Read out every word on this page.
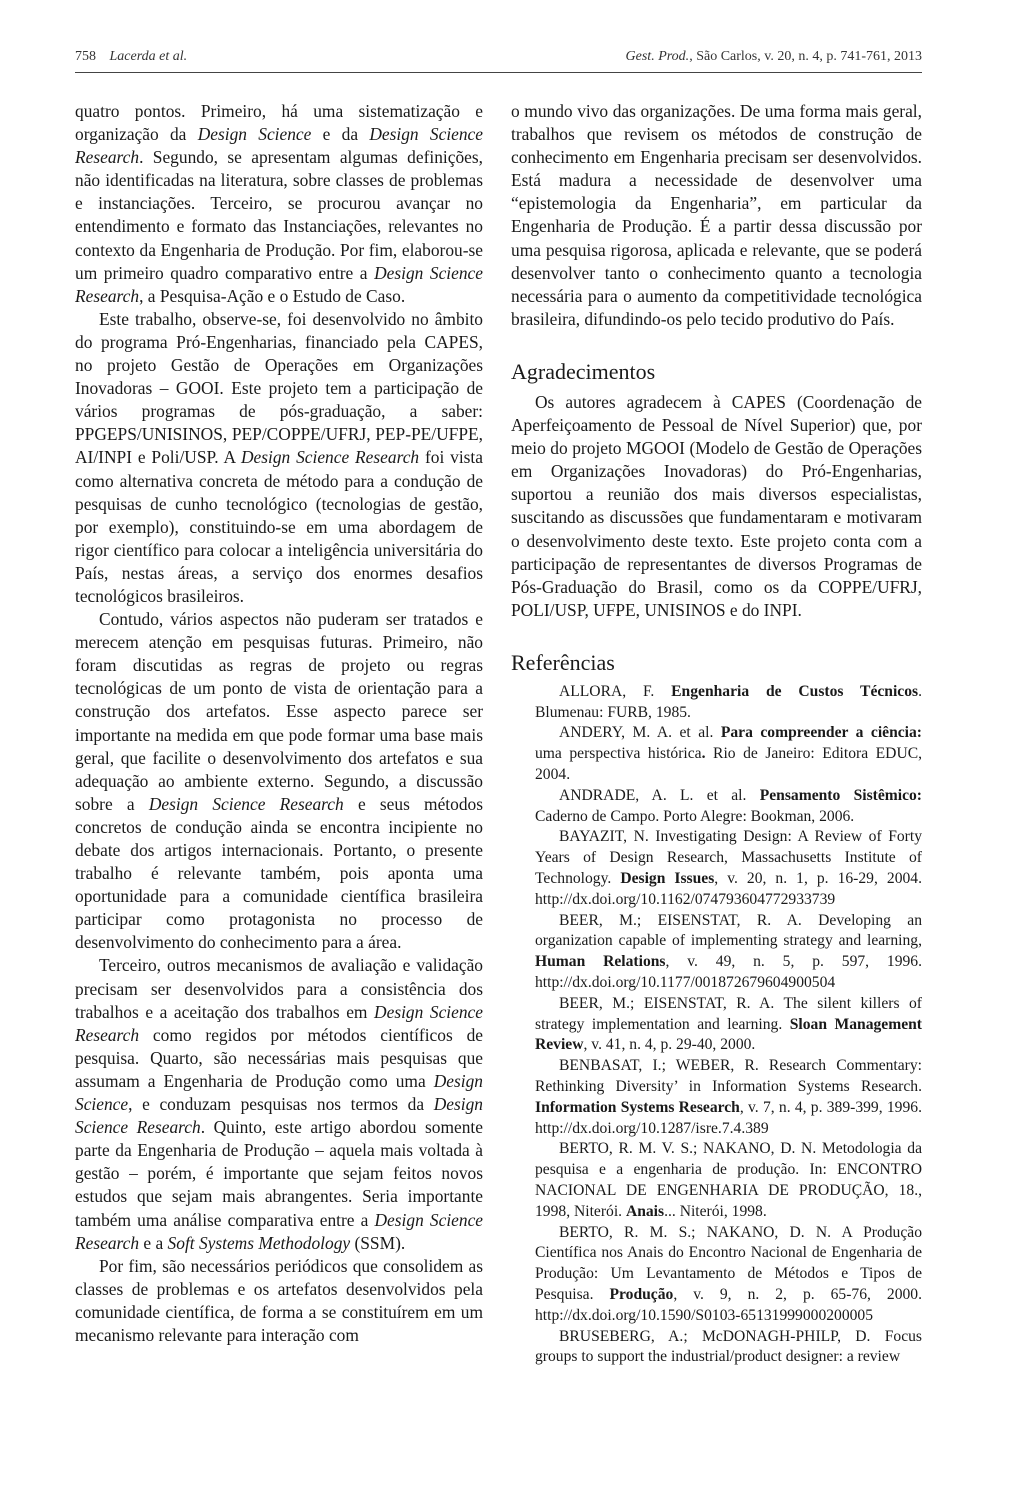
758 Lacerda et al.	Gest. Prod., São Carlos, v. 20, n. 4, p. 741-761, 2013

quatro pontos. Primeiro, há uma sistematização e organização da Design Science e da Design Science Research. Segundo, se apresentam algumas definições, não identificadas na literatura, sobre classes de problemas e instanciações. Terceiro, se procurou avançar no entendimento e formato das Instanciações, relevantes no contexto da Engenharia de Produção. Por fim, elaborou-se um primeiro quadro comparativo entre a Design Science Research, a Pesquisa-Ação e o Estudo de Caso.

Este trabalho, observe-se, foi desenvolvido no âmbito do programa Pró-Engenharias, financiado pela CAPES, no projeto Gestão de Operações em Organizações Inovadoras – GOOI. Este projeto tem a participação de vários programas de pós-graduação, a saber: PPGEPS/UNISINOS, PEP/COPPE/UFRJ, PEP-PE/UFPE, AI/INPI e Poli/USP. A Design Science Research foi vista como alternativa concreta de método para a condução de pesquisas de cunho tecnológico (tecnologias de gestão, por exemplo), constituindo-se em uma abordagem de rigor científico para colocar a inteligência universitária do País, nestas áreas, a serviço dos enormes desafios tecnológicos brasileiros.

Contudo, vários aspectos não puderam ser tratados e merecem atenção em pesquisas futuras. Primeiro, não foram discutidas as regras de projeto ou regras tecnológicas de um ponto de vista de orientação para a construção dos artefatos. Esse aspecto parece ser importante na medida em que pode formar uma base mais geral, que facilite o desenvolvimento dos artefatos e sua adequação ao ambiente externo. Segundo, a discussão sobre a Design Science Research e seus métodos concretos de condução ainda se encontra incipiente no debate dos artigos internacionais. Portanto, o presente trabalho é relevante também, pois aponta uma oportunidade para a comunidade científica brasileira participar como protagonista no processo de desenvolvimento do conhecimento para a área.

Terceiro, outros mecanismos de avaliação e validação precisam ser desenvolvidos para a consistência dos trabalhos e a aceitação dos trabalhos em Design Science Research como regidos por métodos científicos de pesquisa. Quarto, são necessárias mais pesquisas que assumam a Engenharia de Produção como uma Design Science, e conduzam pesquisas nos termos da Design Science Research. Quinto, este artigo abordou somente parte da Engenharia de Produção – aquela mais voltada à gestão – porém, é importante que sejam feitos novos estudos que sejam mais abrangentes. Seria importante também uma análise comparativa entre a Design Science Research e a Soft Systems Methodology (SSM).

Por fim, são necessários periódicos que consolidem as classes de problemas e os artefatos desenvolvidos pela comunidade científica, de forma a se constituírem em um mecanismo relevante para interação com

o mundo vivo das organizações. De uma forma mais geral, trabalhos que revisem os métodos de construção de conhecimento em Engenharia precisam ser desenvolvidos. Está madura a necessidade de desenvolver uma “epistemologia da Engenharia”, em particular da Engenharia de Produção. É a partir dessa discussão por uma pesquisa rigorosa, aplicada e relevante, que se poderá desenvolver tanto o conhecimento quanto a tecnologia necessária para o aumento da competitividade tecnológica brasileira, difundindo-os pelo tecido produtivo do País.

Agradecimentos

Os autores agradecem à CAPES (Coordenação de Aperfeiçoamento de Pessoal de Nível Superior) que, por meio do projeto MGOOI (Modelo de Gestão de Operações em Organizações Inovadoras) do Pró-Engenharias, suportou a reunião dos mais diversos especialistas, suscitando as discussões que fundamentaram e motivaram o desenvolvimento deste texto. Este projeto conta com a participação de representantes de diversos Programas de Pós-Graduação do Brasil, como os da COPPE/UFRJ, POLI/USP, UFPE, UNISINOS e do INPI.

Referências

ALLORA, F. Engenharia de Custos Técnicos. Blumenau: FURB, 1985.

ANDERY, M. A. et al. Para compreender a ciência: uma perspectiva histórica. Rio de Janeiro: Editora EDUC, 2004.

ANDRADE, A. L. et al. Pensamento Sistêmico: Caderno de Campo. Porto Alegre: Bookman, 2006.

BAYAZIT, N. Investigating Design: A Review of Forty Years of Design Research, Massachusetts Institute of Technology. Design Issues, v. 20, n. 1, p. 16-29, 2004. http://dx.doi.org/10.1162/074793604772933739

BEER, M.; EISENSTAT, R. A. Developing an organization capable of implementing strategy and learning, Human Relations, v. 49, n. 5, p. 597, 1996. http://dx.doi.org/10.1177/001872679604900504

BEER, M.; EISENSTAT, R. A. The silent killers of strategy implementation and learning. Sloan Management Review, v. 41, n. 4, p. 29-40, 2000.

BENBASAT, I.; WEBER, R. Research Commentary: Rethinking Diversity’ in Information Systems Research. Information Systems Research, v. 7, n. 4, p. 389-399, 1996. http://dx.doi.org/10.1287/isre.7.4.389

BERTO, R. M. V. S.; NAKANO, D. N. Metodologia da pesquisa e a engenharia de produção. In: ENCONTRO NACIONAL DE ENGENHARIA DE PRODUÇÃO, 18., 1998, Niterói. Anais... Niterói, 1998.

BERTO, R. M. S.; NAKANO, D. N. A Produção Científica nos Anais do Encontro Nacional de Engenharia de Produção: Um Levantamento de Métodos e Tipos de Pesquisa. Produção, v. 9, n. 2, p. 65-76, 2000. http://dx.doi.org/10.1590/S0103-65131999000200005

BRUSEBERG, A.; McDONAGH-PHILP, D. Focus groups to support the industrial/product designer: a review
